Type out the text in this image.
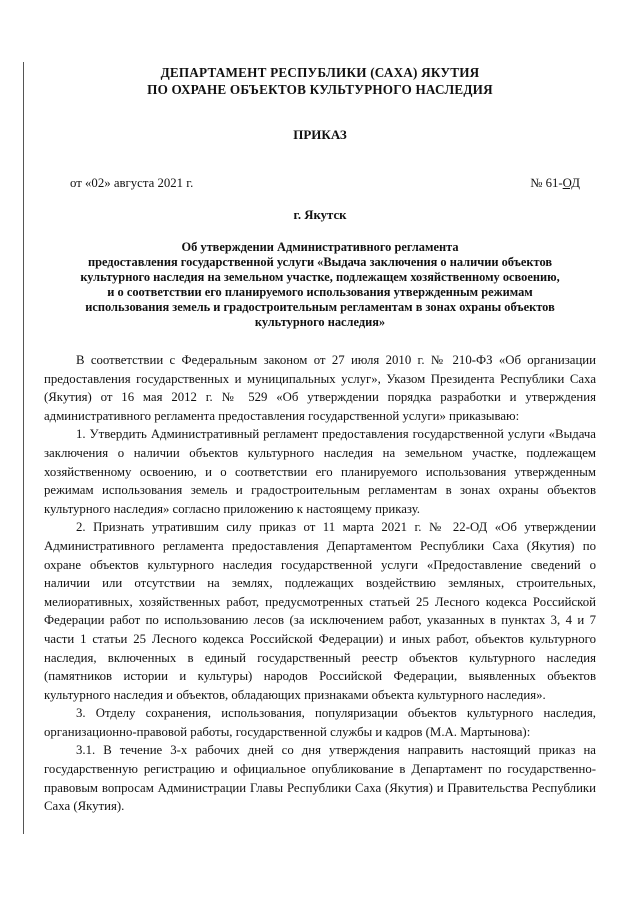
ДЕПАРТАМЕНТ РЕСПУБЛИКИ (САХА) ЯКУТИЯ
ПО ОХРАНЕ ОБЪЕКТОВ КУЛЬТУРНОГО НАСЛЕДИЯ
ПРИКАЗ
от «02» августа 2021 г.	№ 61-ОД
г. Якутск
Об утверждении Административного регламента
предоставления государственной услуги «Выдача заключения о наличии объектов
культурного наследия на земельном участке, подлежащем хозяйственному освоению,
и о соответствии его планируемого использования утвержденным режимам
использования земель и градостроительным регламентам в зонах охраны объектов
культурного наследия»

В соответствии с Федеральным законом от 27 июля 2010 г. № 210-ФЗ «Об организации предоставления государственных и муниципальных услуг», Указом Президента Республики Саха (Якутия) от 16 мая 2012 г. № 529 «Об утверждении порядка разработки и утверждения административного регламента предоставления государственной услуги» приказываю:

1. Утвердить Административный регламент предоставления государственной услуги «Выдача заключения о наличии объектов культурного наследия на земельном участке, подлежащем хозяйственному освоению, и о соответствии его планируемого использования утвержденным режимам использования земель и градостроительным регламентам в зонах охраны объектов культурного наследия» согласно приложению к настоящему приказу.

2. Признать утратившим силу приказ от 11 марта 2021 г. № 22-ОД «Об утверждении Административного регламента предоставления Департаментом Республики Саха (Якутия) по охране объектов культурного наследия государственной услуги «Предоставление сведений о наличии или отсутствии на землях, подлежащих воздействию земляных, строительных, мелиоративных, хозяйственных работ, предусмотренных статьей 25 Лесного кодекса Российской Федерации работ по использованию лесов (за исключением работ, указанных в пунктах 3, 4 и 7 части 1 статьи 25 Лесного кодекса Российской Федерации) и иных работ, объектов культурного наследия, включенных в единый государственный реестр объектов культурного наследия (памятников истории и культуры) народов Российской Федерации, выявленных объектов культурного наследия и объектов, обладающих признаками объекта культурного наследия».

3. Отделу сохранения, использования, популяризации объектов культурного наследия, организационно-правовой работы, государственной службы и кадров (М.А. Мартынова):

3.1. В течение 3-х рабочих дней со дня утверждения направить настоящий приказ на государственную регистрацию и официальное опубликование в Департамент по государственно-правовым вопросам Администрации Главы Республики Саха (Якутия) и Правительства Республики Саха (Якутия).
